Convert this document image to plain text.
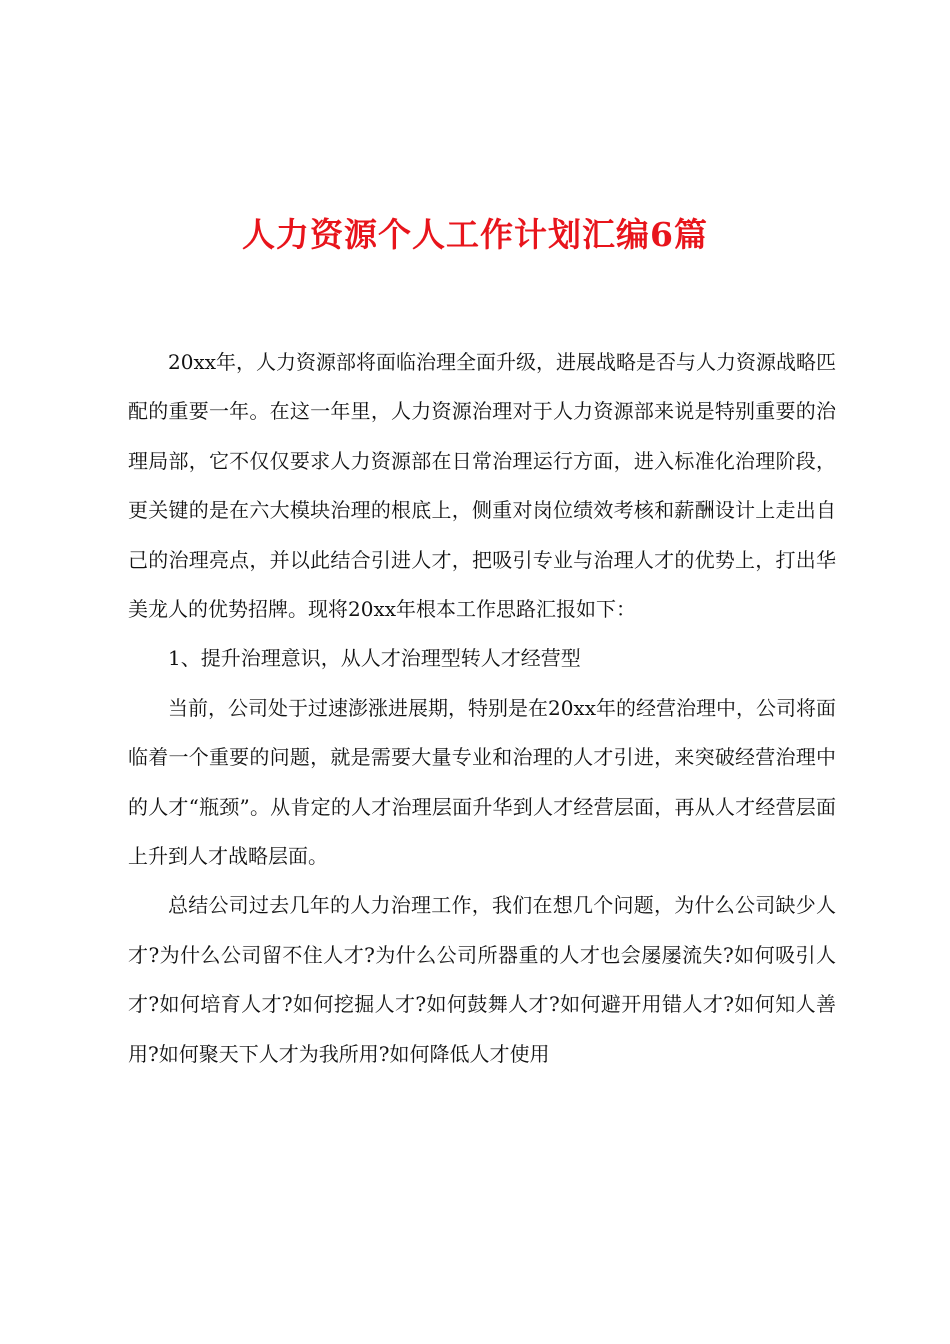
人力资源个人工作计划汇编6篇

20xx年，人力资源部将面临治理全面升级，进展战略是否与人力资源战略匹配的重要一年。在这一年里，人力资源治理对于人力资源部来说是特别重要的治理局部，它不仅仅要求人力资源部在日常治理运行方面，进入标准化治理阶段，更关键的是在六大模块治理的根底上，侧重对岗位绩效考核和薪酬设计上走出自己的治理亮点，并以此结合引进人才，把吸引专业与治理人才的优势上，打出华美龙人的优势招牌。现将20xx年根本工作思路汇报如下：

1、提升治理意识，从人才治理型转人才经营型

当前，公司处于过速澎涨进展期，特别是在20xx年的经营治理中，公司将面临着一个重要的问题，就是需要大量专业和治理的人才引进，来突破经营治理中的人才“瓶颈”。从肯定的人才治理层面升华到人才经营层面，再从人才经营层面上升到人才战略层面。

总结公司过去几年的人力治理工作，我们在想几个问题，为什么公司缺少人才?为什么公司留不住人才?为什么公司所器重的人才也会屡屡流失?如何吸引人才?如何培育人才?如何挖掘人才?如何鼓舞人才?如何避开用错人才?如何知人善用?如何聚天下人才为我所用?如何降低人才使用
